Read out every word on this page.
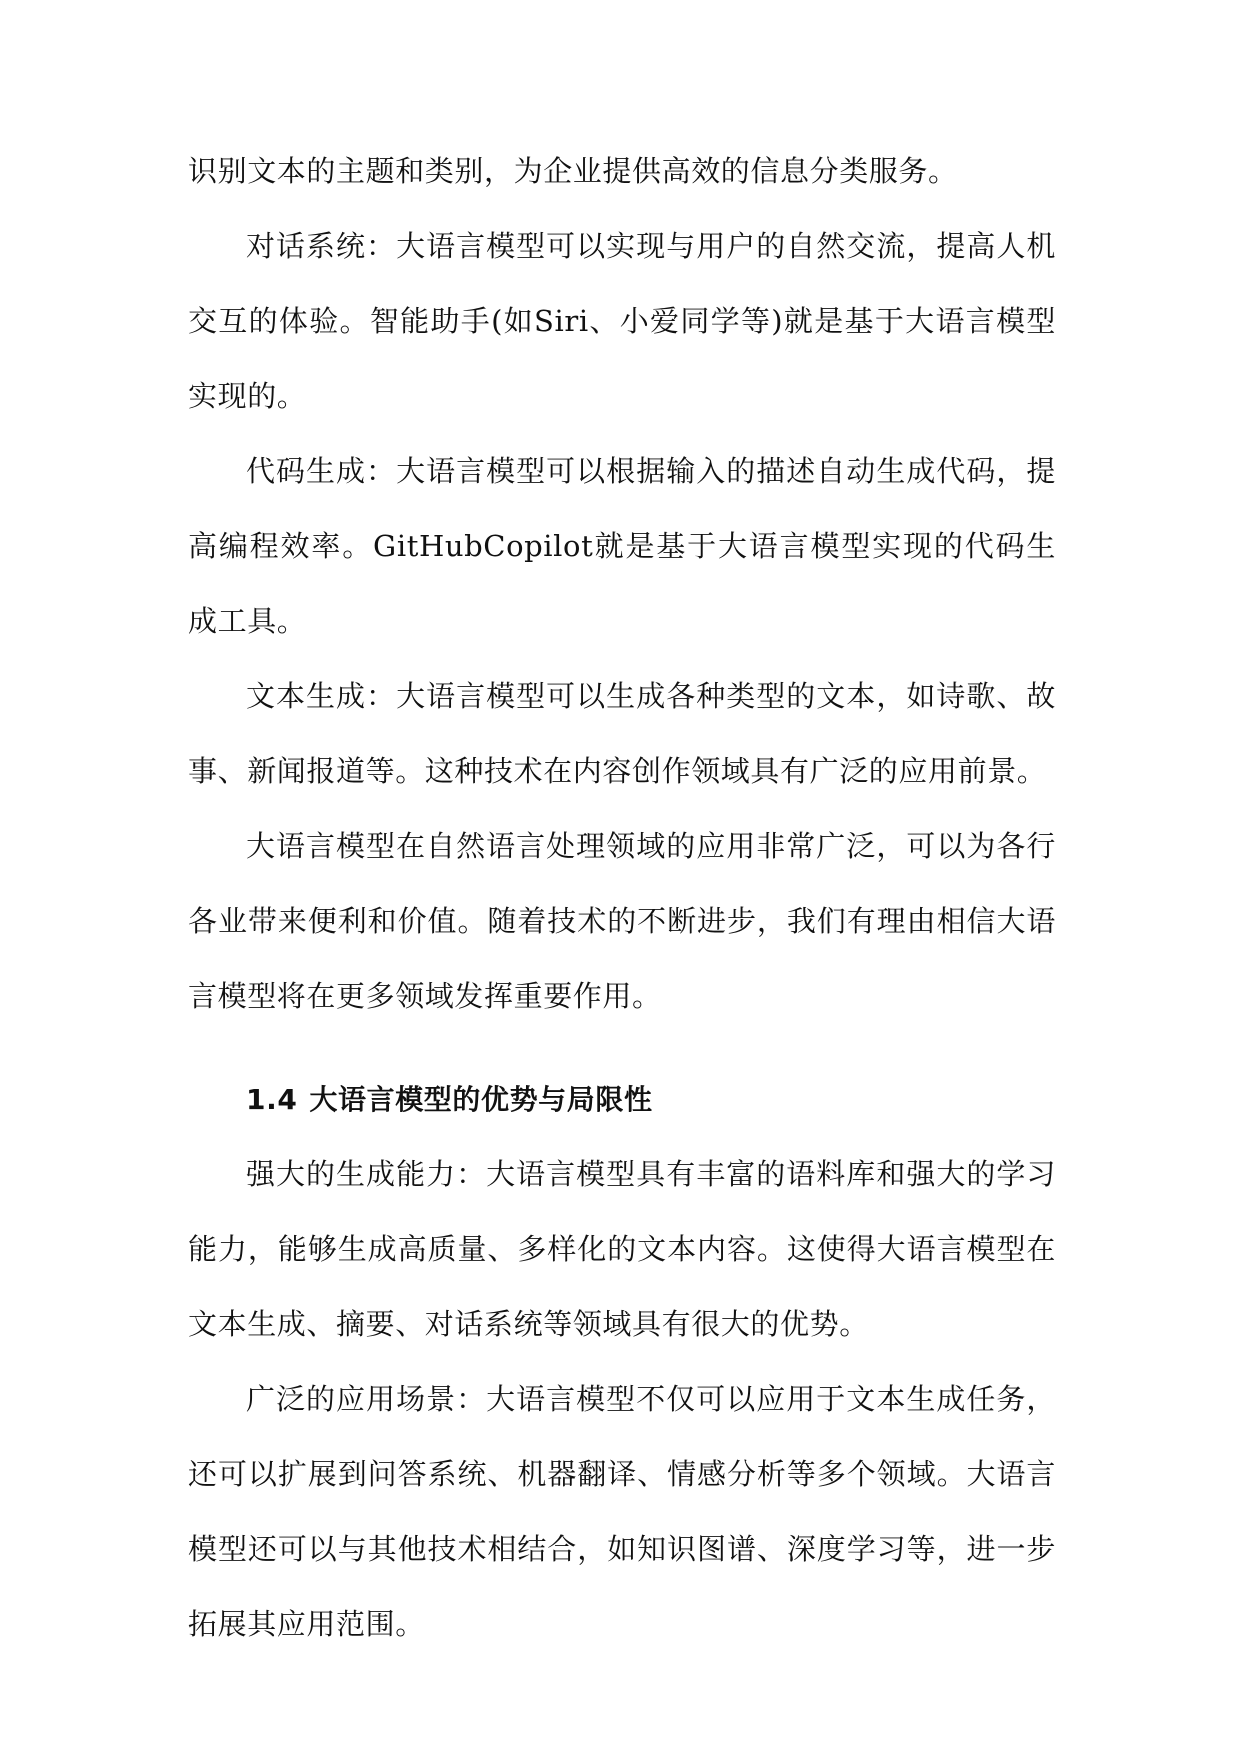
识别文本的主题和类别，为企业提供高效的信息分类服务。

对话系统：大语言模型可以实现与用户的自然交流，提高人机交互的体验。智能助手(如Siri、小爱同学等)就是基于大语言模型实现的。

代码生成：大语言模型可以根据输入的描述自动生成代码，提高编程效率。GitHubCopilot就是基于大语言模型实现的代码生成工具。

文本生成：大语言模型可以生成各种类型的文本，如诗歌、故事、新闻报道等。这种技术在内容创作领域具有广泛的应用前景。

大语言模型在自然语言处理领域的应用非常广泛，可以为各行各业带来便利和价值。随着技术的不断进步，我们有理由相信大语言模型将在更多领域发挥重要作用。

1.4 大语言模型的优势与局限性

强大的生成能力：大语言模型具有丰富的语料库和强大的学习能力，能够生成高质量、多样化的文本内容。这使得大语言模型在文本生成、摘要、对话系统等领域具有很大的优势。

广泛的应用场景：大语言模型不仅可以应用于文本生成任务，还可以扩展到问答系统、机器翻译、情感分析等多个领域。大语言模型还可以与其他技术相结合，如知识图谱、深度学习等，进一步拓展其应用范围。
